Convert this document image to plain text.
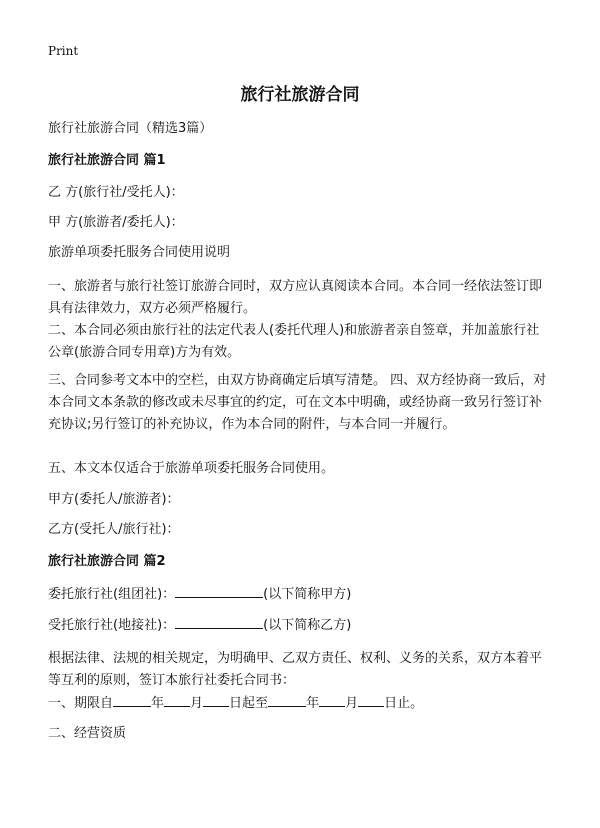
Print
旅行社旅游合同

旅行社旅游合同（精选3篇）

旅行社旅游合同 篇1

乙 方(旅行社/受托人)：

甲 方(旅游者/委托人)：

旅游单项委托服务合同使用说明

一、旅游者与旅行社签订旅游合同时，双方应认真阅读本合同。本合同一经依法签订即具有法律效力，双方必须严格履行。

二、本合同必须由旅行社的法定代表人(委托代理人)和旅游者亲自签章，并加盖旅行社公章(旅游合同专用章)方为有效。

三、合同参考文本中的空栏，由双方协商确定后填写清楚。 四、双方经协商一致后，对本合同文本条款的修改或未尽事宜的约定，可在文本中明确，或经协商一致另行签订补充协议;另行签订的补充协议，作为本合同的附件，与本合同一并履行。

五、本文本仅适合于旅游单项委托服务合同使用。

甲方(委托人/旅游者)：

乙方(受托人/旅行社)：

旅行社旅游合同 篇2

委托旅行社(组团社)：	(以下简称甲方)

受托旅行社(地接社)：	(以下简称乙方)

根据法律、法规的相关规定，为明确甲、乙双方责任、权利、义务的关系，双方本着平等互利的原则，签订本旅行社委托合同书：

一、期限自	年 月 日起至	年 月 日止。

二、经营资质
